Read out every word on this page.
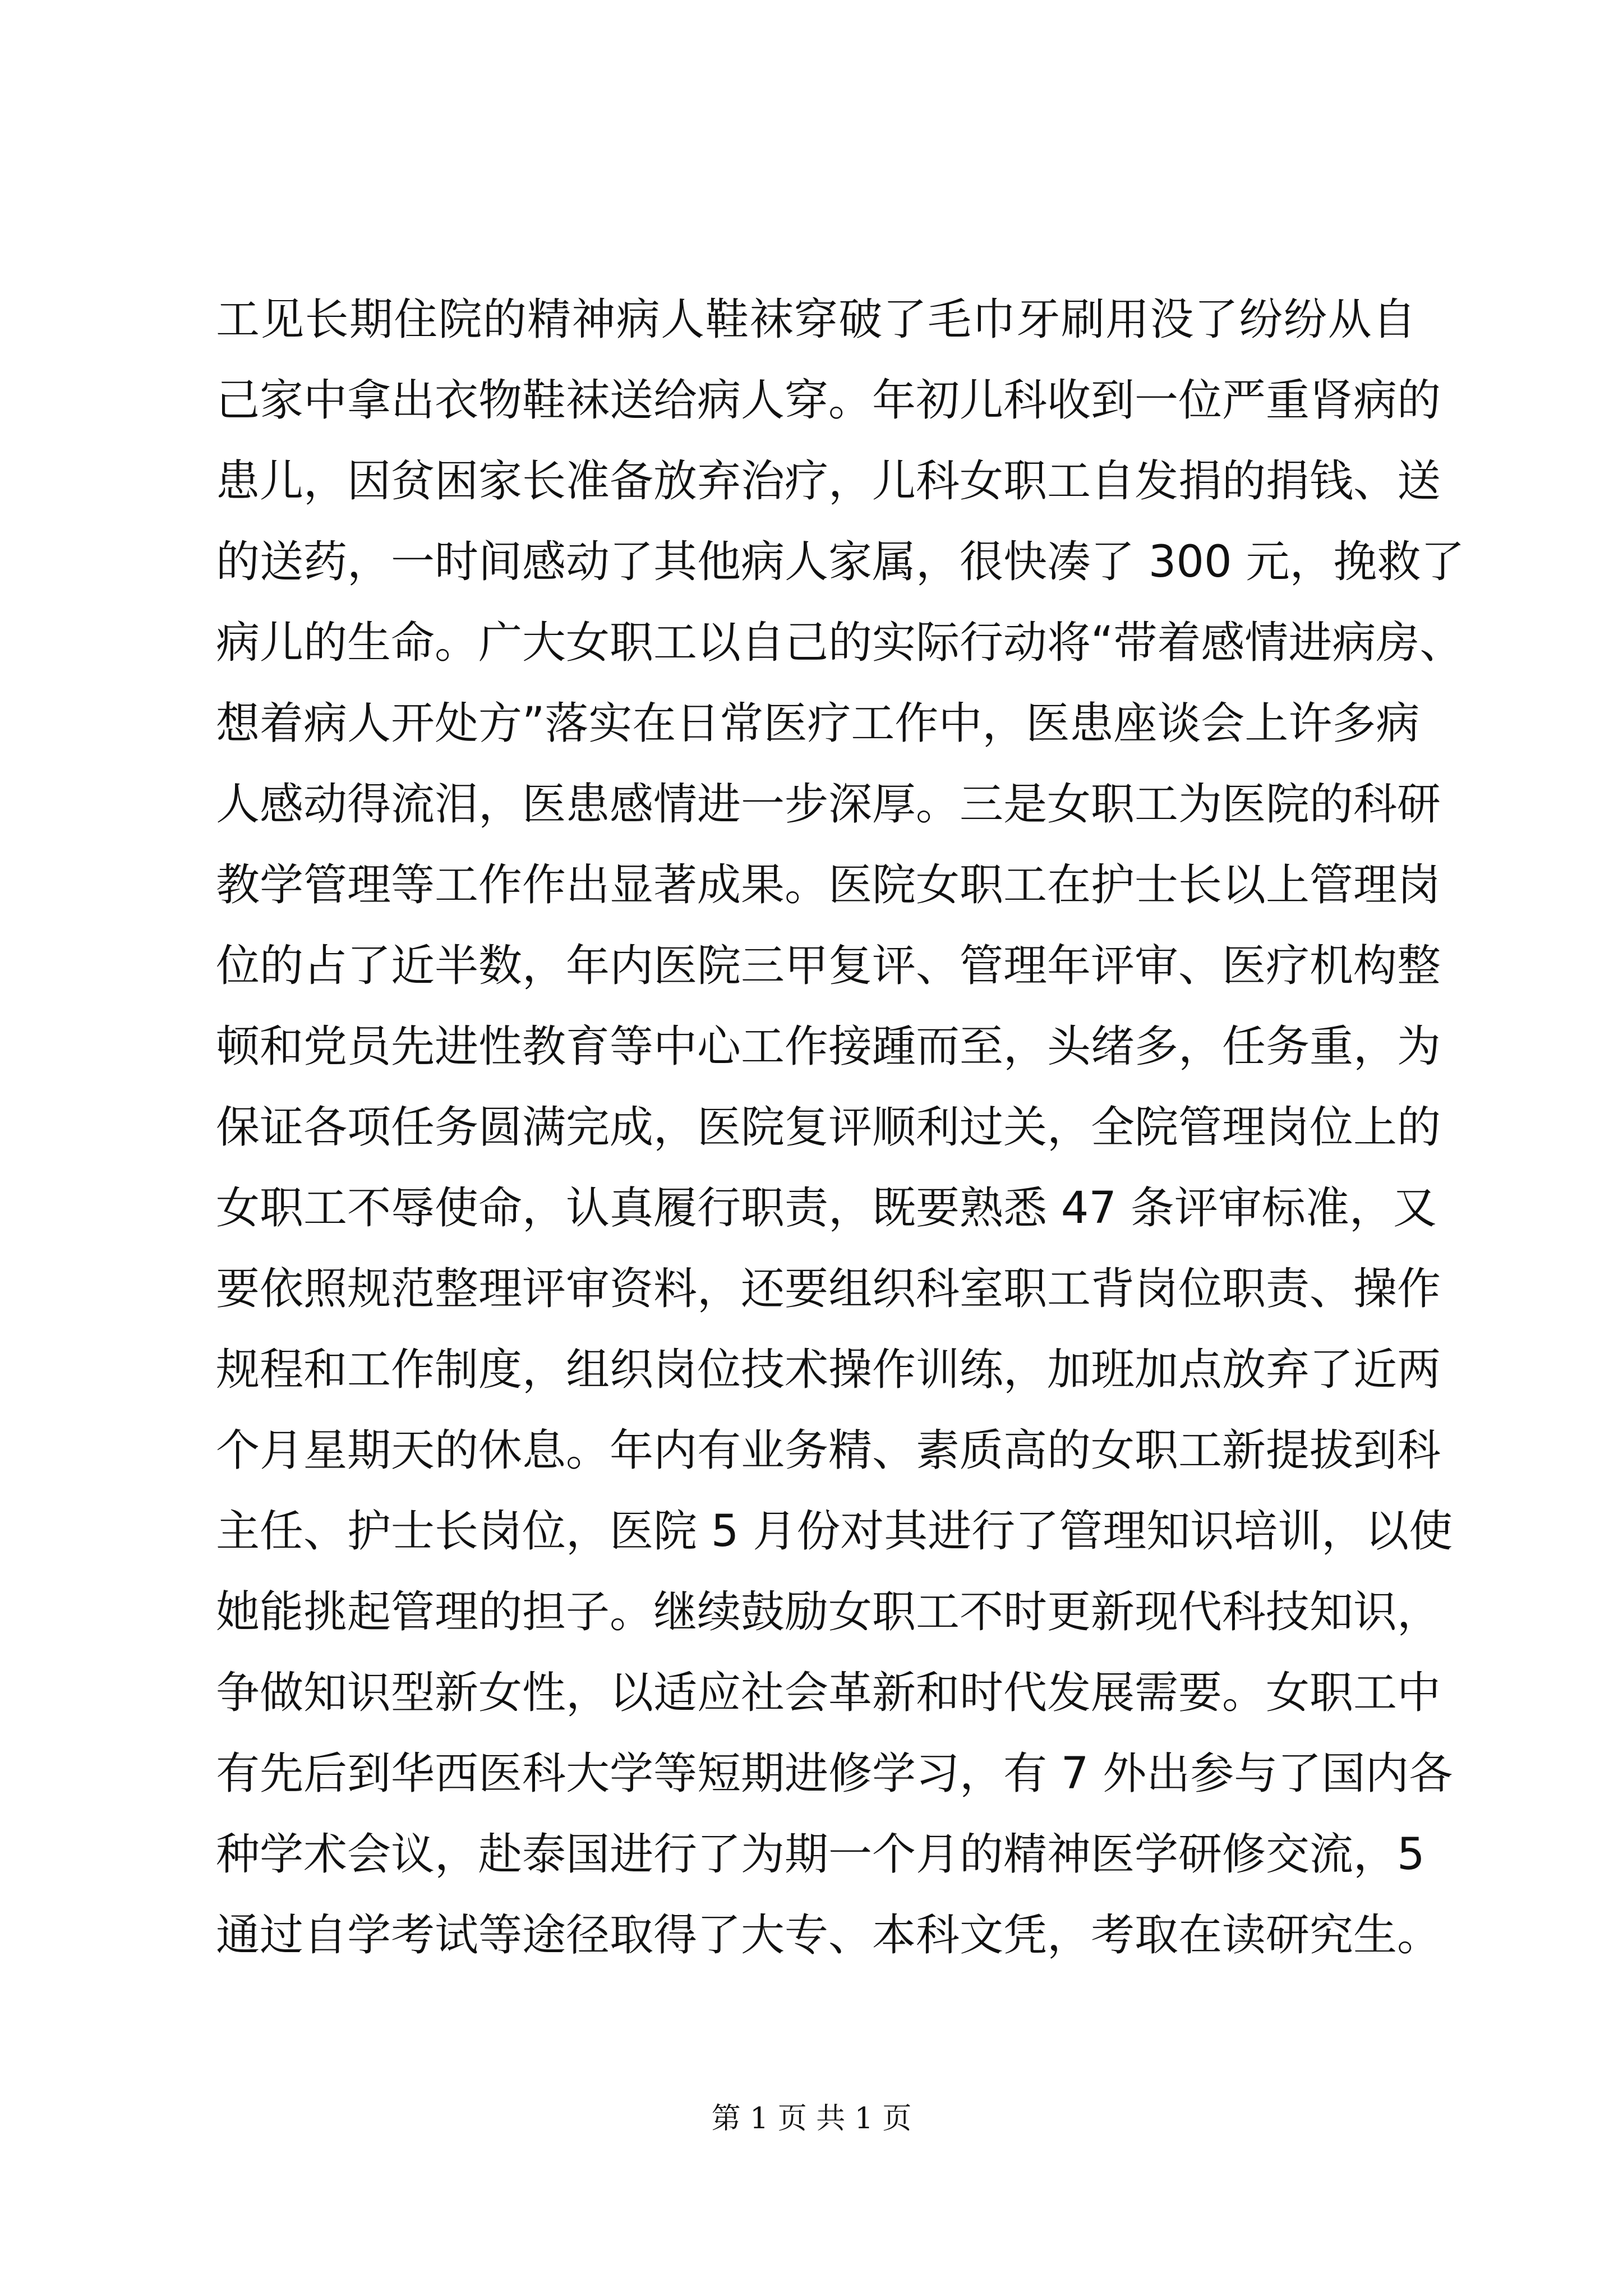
工见长期住院的精神病人鞋袜穿破了毛巾牙刷用没了纷纷从自
己家中拿出衣物鞋袜送给病人穿。年初儿科收到一位严重肾病的
患儿，因贫困家长准备放弃治疗，儿科女职工自发捐的捐钱、送
的送药，一时间感动了其他病人家属，很快凑了 300 元，挽救了
病儿的生命。广大女职工以自己的实际行动将“带着感情进病房、
想着病人开处方”落实在日常医疗工作中，医患座谈会上许多病
人感动得流泪，医患感情进一步深厚。三是女职工为医院的科研
教学管理等工作作出显著成果。医院女职工在护士长以上管理岗
位的占了近半数，年内医院三甲复评、管理年评审、医疗机构整
顿和党员先进性教育等中心工作接踵而至，头绪多，任务重，为
保证各项任务圆满完成，医院复评顺利过关，全院管理岗位上的
女职工不辱使命，认真履行职责，既要熟悉 47 条评审标准，又
要依照规范整理评审资料，还要组织科室职工背岗位职责、操作
规程和工作制度，组织岗位技术操作训练，加班加点放弃了近两
个月星期天的休息。年内有业务精、素质高的女职工新提拔到科
主任、护士长岗位，医院 5 月份对其进行了管理知识培训，以使
她能挑起管理的担子。继续鼓励女职工不时更新现代科技知识，
争做知识型新女性，以适应社会革新和时代发展需要。女职工中
有先后到华西医科大学等短期进修学习，有 7 外出参与了国内各
种学术会议，赴泰国进行了为期一个月的精神医学研修交流，5
通过自学考试等途径取得了大专、本科文凭，考取在读研究生。
第 1 页 共 1 页
